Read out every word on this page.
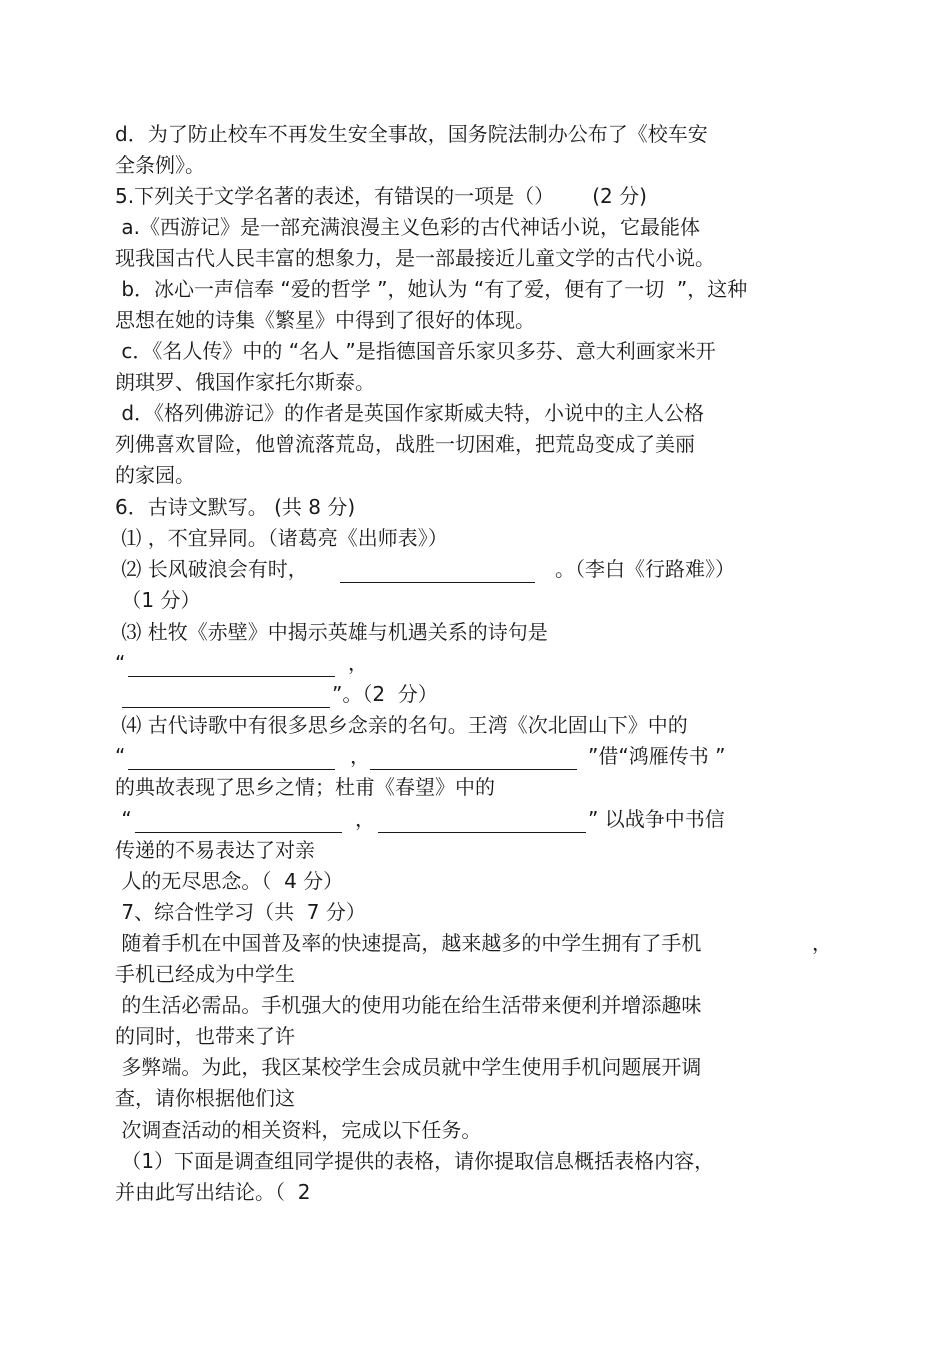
d．为了防止校车不再发生安全事故，国务院法制办公布了《校车安

全条例》。

5.下列关于文学名著的表述，有错误的一项是（）      (2 分)

a.《西游记》是一部充满浪漫主义色彩的古代神话小说，它最能体

现我国古代人民丰富的想象力，是一部最接近儿童文学的古代小说。

b．冰心一声信奉 “爱的哲学 ”，她认为 “有了爱，便有了一切  ”，这种

思想在她的诗集《繁星》中得到了很好的体现。

c．《名人传》中的 “名人 ”是指德国音乐家贝多芬、意大利画家米开

朗琪罗、俄国作家托尔斯泰。

d．《格列佛游记》的作者是英国作家斯威夫特，小说中的主人公格

列佛喜欢冒险，他曾流落荒岛，战胜一切困难，把荒岛变成了美丽

的家园。

6．古诗文默写。 (共 8 分)

⑴ ，不宜异同。（诸葛亮《出师表》）

⑵ 长风破浪会有时，	。（李白《行路难》）

（1 分）

⑶ 杜牧《赤壁》中揭示英雄与机遇关系的诗句是

“	，

”。（2  分）

⑷ 古代诗歌中有很多思乡念亲的名句。王湾《次北固山下》中的

“	，	”借“鸿雁传书 ”

的典故表现了思乡之情；杜甫《春望》中的

“	，	” 以战争中书信

传递的不易表达了对亲

人的无尽思念。（  4 分）

7、综合性学习（共  7 分）

随着手机在中国普及率的快速提高，越来越多的中学生拥有了手机	，

手机已经成为中学生

的生活必需品。手机强大的使用功能在给生活带来便利并增添趣味

的同时，也带来了许

多弊端。为此，我区某校学生会成员就中学生使用手机问题展开调

查，请你根据他们这

次调查活动的相关资料，完成以下任务。

（1）下面是调查组同学提供的表格，请你提取信息概括表格内容，

并由此写出结论。（  2
